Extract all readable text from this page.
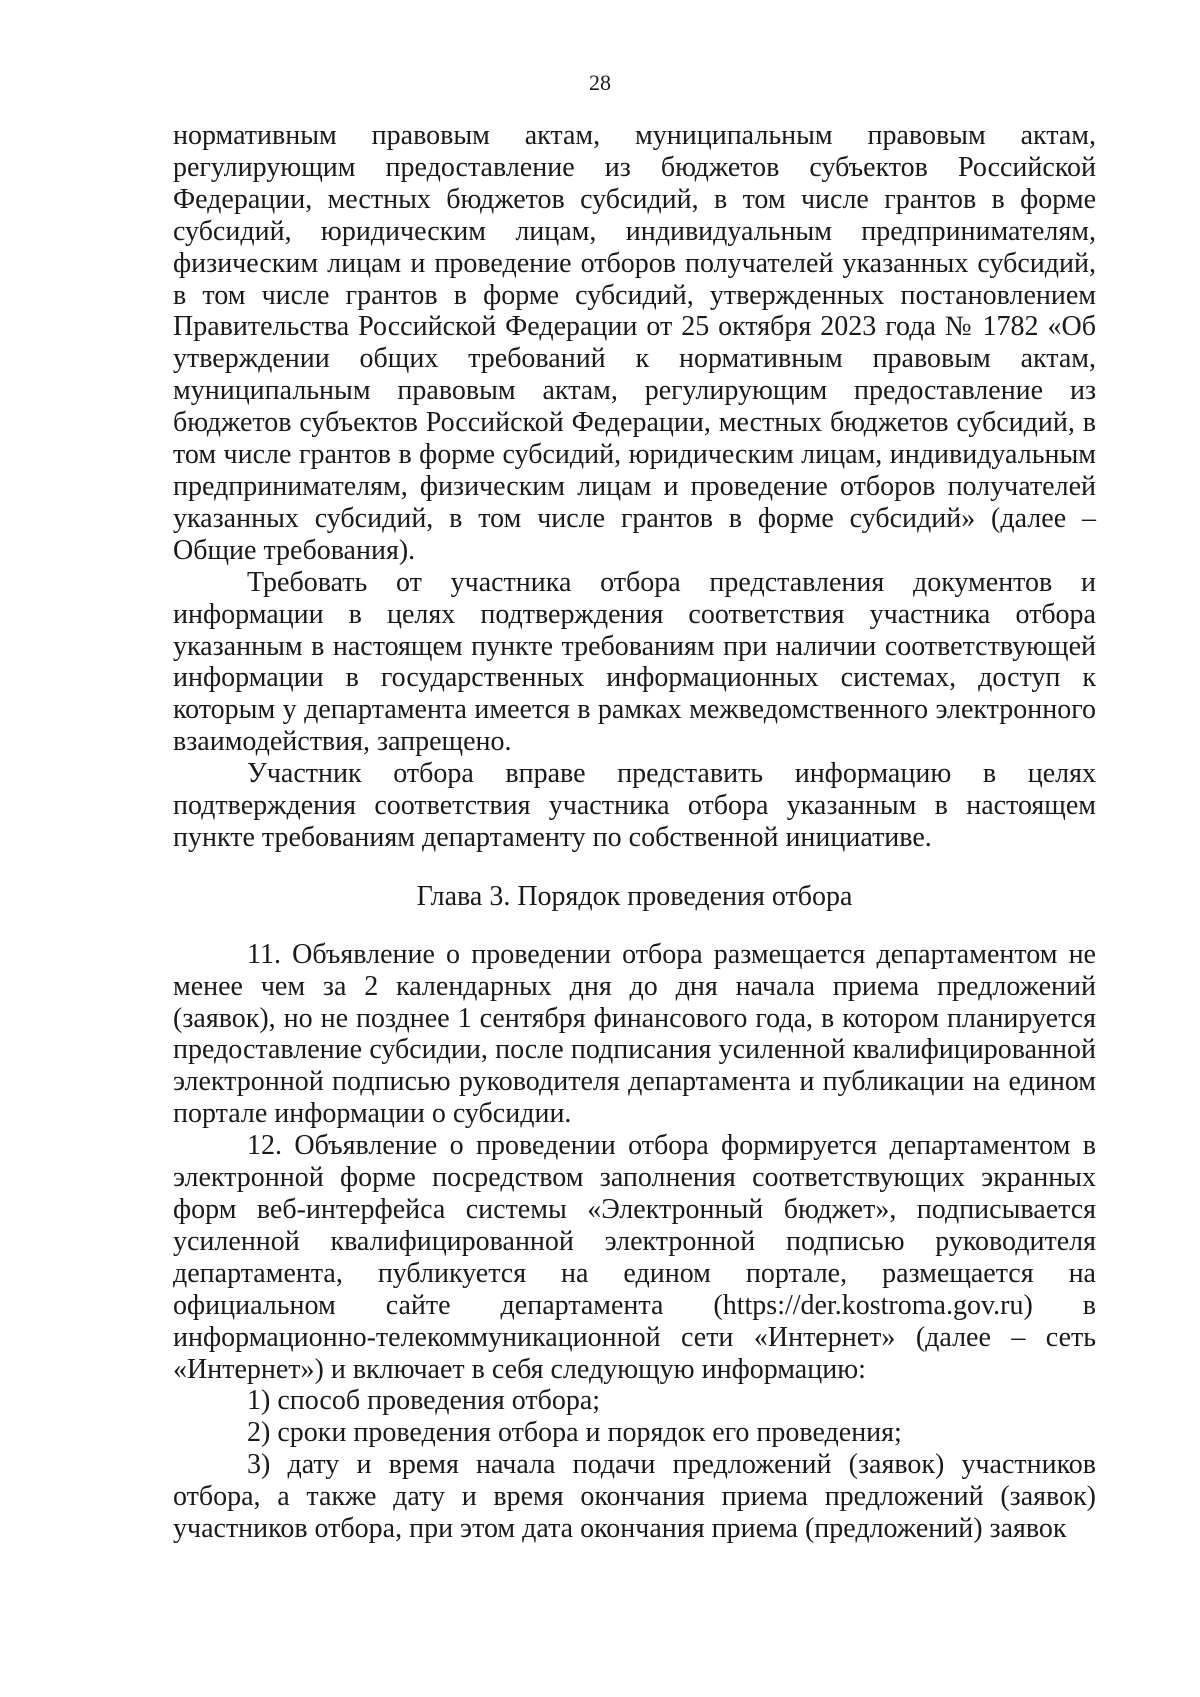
28

нормативным правовым актам, муниципальным правовым актам, регулирующим предоставление из бюджетов субъектов Российской Федерации, местных бюджетов субсидий, в том числе грантов в форме субсидий, юридическим лицам, индивидуальным предпринимателям, физическим лицам и проведение отборов получателей указанных субсидий, в том числе грантов в форме субсидий, утвержденных постановлением Правительства Российской Федерации от 25 октября 2023 года № 1782 «Об утверждении общих требований к нормативным правовым актам, муниципальным правовым актам, регулирующим предоставление из бюджетов субъектов Российской Федерации, местных бюджетов субсидий, в том числе грантов в форме субсидий, юридическим лицам, индивидуальным предпринимателям, физическим лицам и проведение отборов получателей указанных субсидий, в том числе грантов в форме субсидий» (далее – Общие требования).

Требовать от участника отбора представления документов и информации в целях подтверждения соответствия участника отбора указанным в настоящем пункте требованиям при наличии соответствующей информации в государственных информационных системах, доступ к которым у департамента имеется в рамках межведомственного электронного взаимодействия, запрещено.

Участник отбора вправе представить информацию в целях подтверждения соответствия участника отбора указанным в настоящем пункте требованиям департаменту по собственной инициативе.

Глава 3. Порядок проведения отбора

11. Объявление о проведении отбора размещается департаментом не менее чем за 2 календарных дня до дня начала приема предложений (заявок), но не позднее 1 сентября финансового года, в котором планируется предоставление субсидии, после подписания усиленной квалифицированной электронной подписью руководителя департамента и публикации на едином портале информации о субсидии.

12. Объявление о проведении отбора формируется департаментом в электронной форме посредством заполнения соответствующих экранных форм веб-интерфейса системы «Электронный бюджет», подписывается усиленной квалифицированной электронной подписью руководителя департамента, публикуется на едином портале, размещается на официальном сайте департамента (https://der.kostroma.gov.ru) в информационно-телекоммуникационной сети «Интернет» (далее – сеть «Интернет») и включает в себя следующую информацию:

1) способ проведения отбора;

2) сроки проведения отбора и порядок его проведения;

3) дату и время начала подачи предложений (заявок) участников отбора, а также дату и время окончания приема предложений (заявок) участников отбора, при этом дата окончания приема (предложений) заявок
